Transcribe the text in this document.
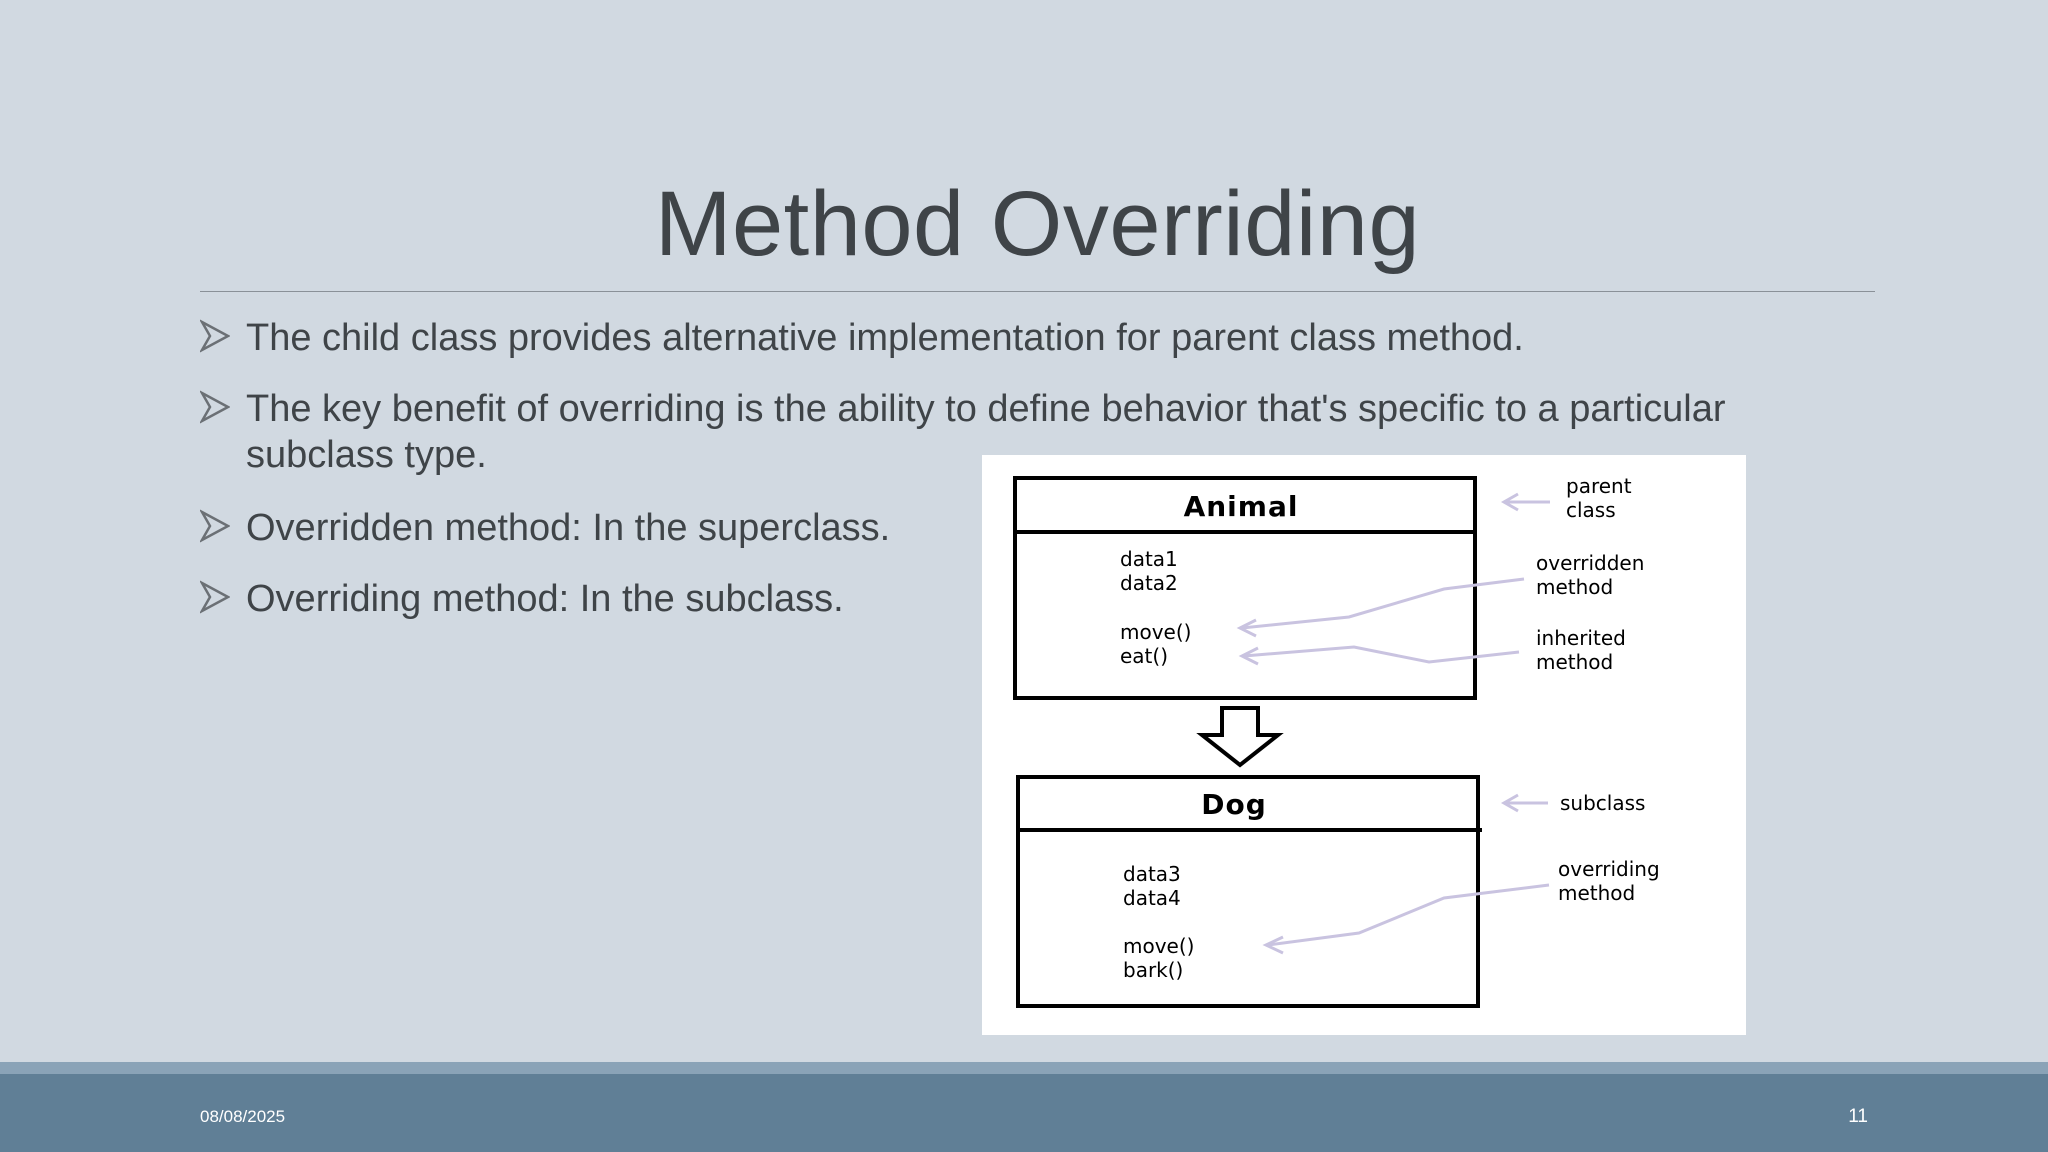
Method Overriding
The child class provides alternative implementation for parent class method.
The key benefit of overriding is the ability to define behavior that's specific to a particular
subclass type.
Overridden method: In the superclass.
Overriding method: In the subclass.
Animal
data1
data2
move()
eat()
Dog
data3
data4
move()
bark()
parent
class
overridden
method
inherited
method
subclass
overriding
method
08/08/2025	11
